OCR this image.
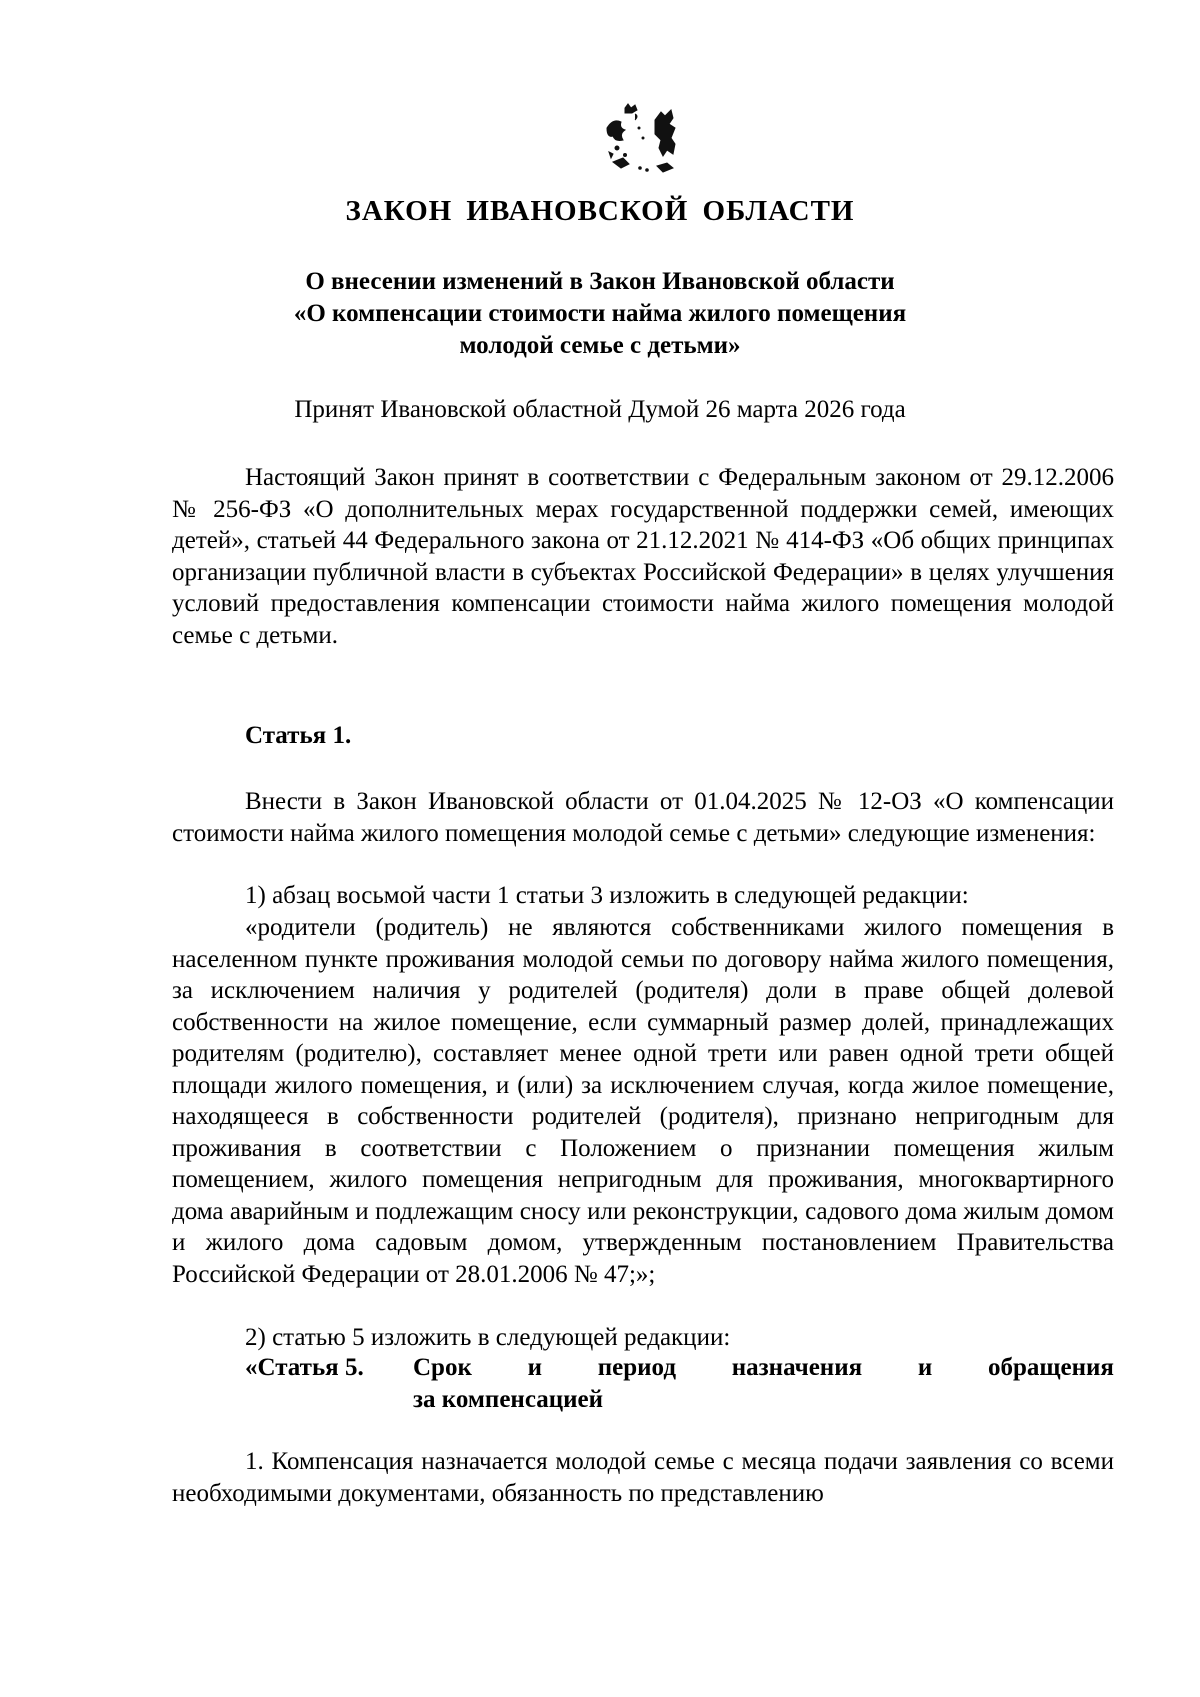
ЗАКОН ИВАНОВСКОЙ ОБЛАСТИ
О внесении изменений в Закон Ивановской области
«О компенсации стоимости найма жилого помещения
молодой семье с детьми»

Принят Ивановской областной Думой 26 марта 2026 года

Настоящий Закон принят в соответствии с Федеральным законом от 29.12.2006 № 256-ФЗ «О дополнительных мерах государственной поддержки семей, имеющих детей», статьей 44 Федерального закона от 21.12.2021 № 414-ФЗ «Об общих принципах организации публичной власти в субъектах Российской Федерации» в целях улучшения условий предоставления компенсации стоимости найма жилого помещения молодой семье с детьми.

Статья 1.

Внести в Закон Ивановской области от 01.04.2025 № 12-ОЗ «О компенсации стоимости найма жилого помещения молодой семье с детьми» следующие изменения:

1) абзац восьмой части 1 статьи 3 изложить в следующей редакции:

«родители (родитель) не являются собственниками жилого помещения в населенном пункте проживания молодой семьи по договору найма жилого помещения, за исключением наличия у родителей (родителя) доли в праве общей долевой собственности на жилое помещение, если суммарный размер долей, принадлежащих родителям (родителю), составляет менее одной трети или равен одной трети общей площади жилого помещения, и (или) за исключением случая, когда жилое помещение, находящееся в собственности родителей (родителя), признано непригодным для проживания в соответствии с Положением о признании помещения жилым помещением, жилого помещения непригодным для проживания, многоквартирного дома аварийным и подлежащим сносу или реконструкции, садового дома жилым домом и жилого дома садовым домом, утвержденным постановлением Правительства Российской Федерации от 28.01.2006 № 47;»;

2) статью 5 изложить в следующей редакции:

«Статья 5. Срок и период назначения и обращения
за компенсацией

1. Компенсация назначается молодой семье с месяца подачи заявления со всеми необходимыми документами, обязанность по представлению
